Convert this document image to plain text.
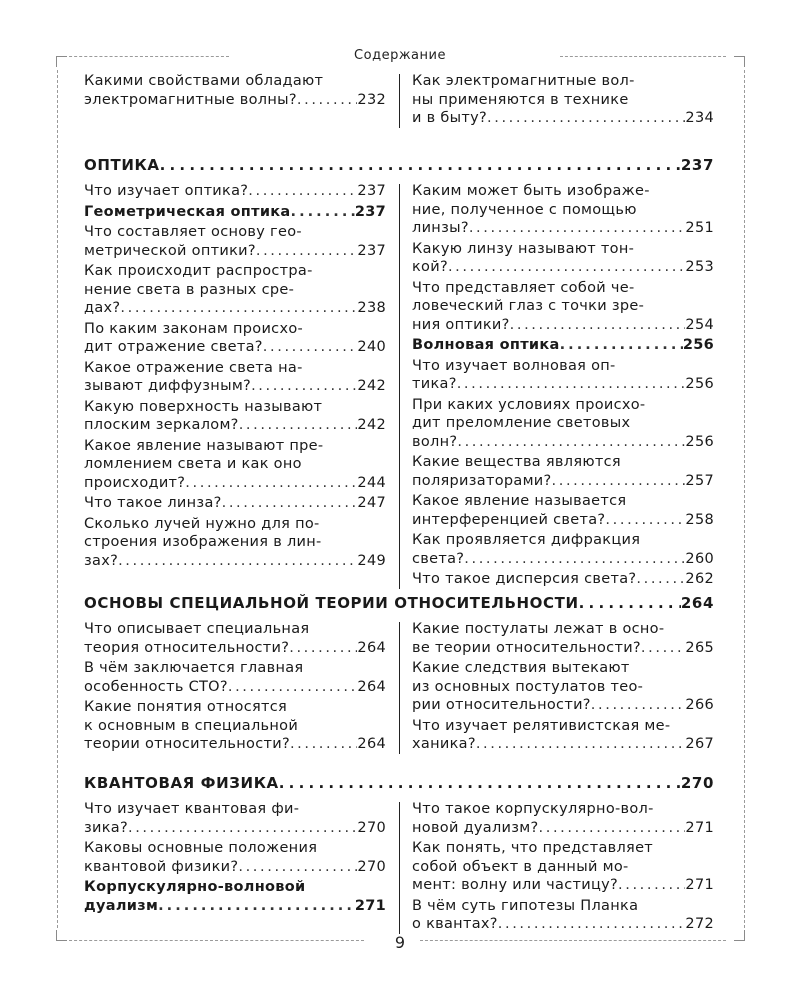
Содержание
Какими свойствами обладают
электромагнитные волны? . . .	232
Как электромагнитные вол-
ны применяются в технике
и в быту? . . .	234
ОПТИКА . . .	237
Что изучает оптика? . . .	237
Геометрическая оптика . . .	237
Что составляет основу гео-
метрической оптики? . . .	237
Как происходит распростра-
нение света в разных сре-
дах? . . .	238
По каким законам происхо-
дит отражение света? . . .	240
Какое отражение света на-
зывают диффузным? . . .	242
Какую поверхность называют
плоским зеркалом? . . .	242
Какое явление называют пре-
ломлением света и как оно
происходит? . . .	244
Что такое линза? . . .	247
Сколько лучей нужно для по-
строения изображения в лин-
зах? . . .	249
Каким может быть изображе-
ние, полученное с помощью
линзы? . . .	251
Какую линзу называют тон-
кой? . . .	253
Что представляет собой че-
ловеческий глаз с точки зре-
ния оптики? . . .	254
Волновая оптика . . .	256
Что изучает волновая оп-
тика? . . .	256
При каких условиях происхо-
дит преломление световых
волн? . . .	256
Какие вещества являются
поляризаторами? . . .	257
Какое явление называется
интерференцией света? . . .	258
Как проявляется дифракция
света? . . .	260
Что такое дисперсия света? . . .	262
ОСНОВЫ СПЕЦИАЛЬНОЙ ТЕОРИИ ОТНОСИТЕЛЬНОСТИ . . .	264
Что описывает специальная
теория относительности? . . .	264
В чём заключается главная
особенность СТО? . . .	264
Какие понятия относятся
к основным в специальной
теории относительности? . . .	264
Какие постулаты лежат в осно-
ве теории относительности? . . .	265
Какие следствия вытекают
из основных постулатов тео-
рии относительности? . . .	266
Что изучает релятивистская ме-
ханика? . . .	267
КВАНТОВАЯ ФИЗИКА . . .	270
Что изучает квантовая фи-
зика? . . .	270
Каковы основные положения
квантовой физики? . . .	270
Корпускулярно-волновой
дуализм . . .	271
Что такое корпускулярно-вол-
новой дуализм? . . .	271
Как понять, что представляет
собой объект в данный мо-
мент: волну или частицу? . . .	271
В чём суть гипотезы Планка
о квантах? . . .	272
9
